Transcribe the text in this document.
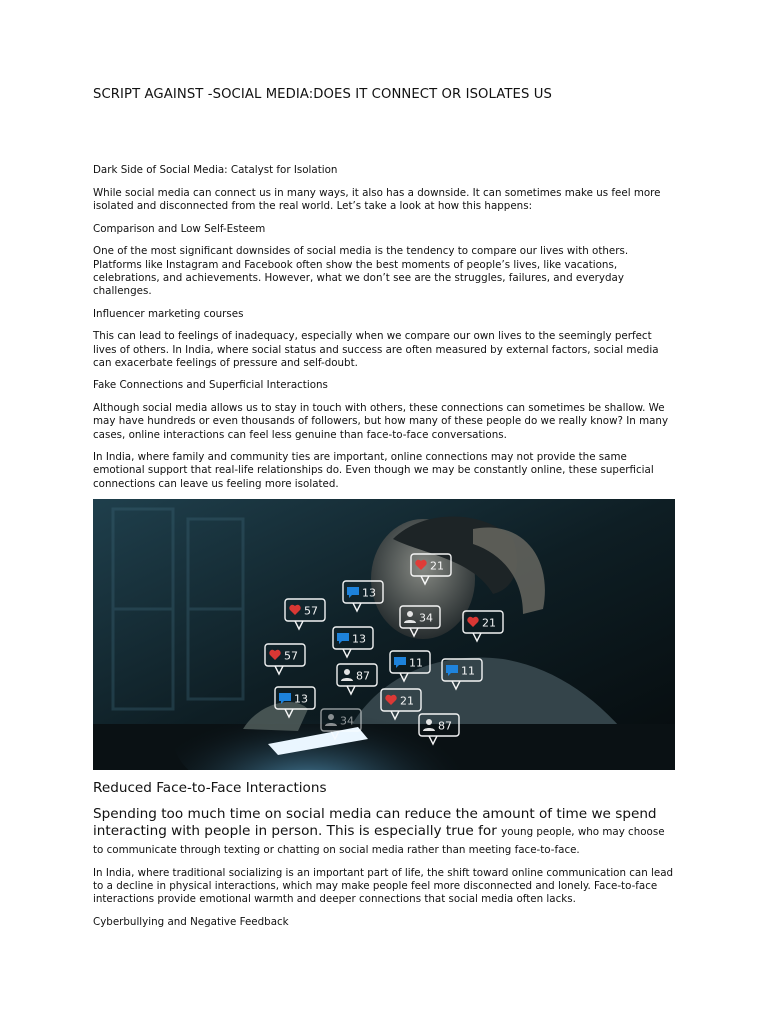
SCRIPT AGAINST -SOCIAL MEDIA:DOES IT CONNECT OR ISOLATES US

Dark Side of Social Media: Catalyst for Isolation

While social media can connect us in many ways, it also has a downside. It can sometimes make us feel more isolated and disconnected from the real world. Let’s take a look at how this happens:

Comparison and Low Self-Esteem

One of the most significant downsides of social media is the tendency to compare our lives with others. Platforms like Instagram and Facebook often show the best moments of people’s lives, like vacations, celebrations, and achievements. However, what we don’t see are the struggles, failures, and everyday challenges.

Influencer marketing courses

This can lead to feelings of inadequacy, especially when we compare our own lives to the seemingly perfect lives of others. In India, where social status and success are often measured by external factors, social media can exacerbate feelings of pressure and self-doubt.

Fake Connections and Superficial Interactions

Although social media allows us to stay in touch with others, these connections can sometimes be shallow. We may have hundreds or even thousands of followers, but how many of these people do we really know? In many cases, online interactions can feel less genuine than face-to-face conversations.

In India, where family and community ties are important, online connections may not provide the same emotional support that real-life relationships do. Even though we may be constantly online, these superficial connections can leave us feeling more isolated.

21
13
57
34	21
13
57
87
11
11
13	21
34	87
Reduced Face-to-Face Interactions

Spending too much time on social media can reduce the amount of time we spend interacting with people in person. This is especially true for young people, who may choose to communicate through texting or chatting on social media rather than meeting face-to-face.

In India, where traditional socializing is an important part of life, the shift toward online communication can lead to a decline in physical interactions, which may make people feel more disconnected and lonely. Face-to-face interactions provide emotional warmth and deeper connections that social media often lacks.

Cyberbullying and Negative Feedback
